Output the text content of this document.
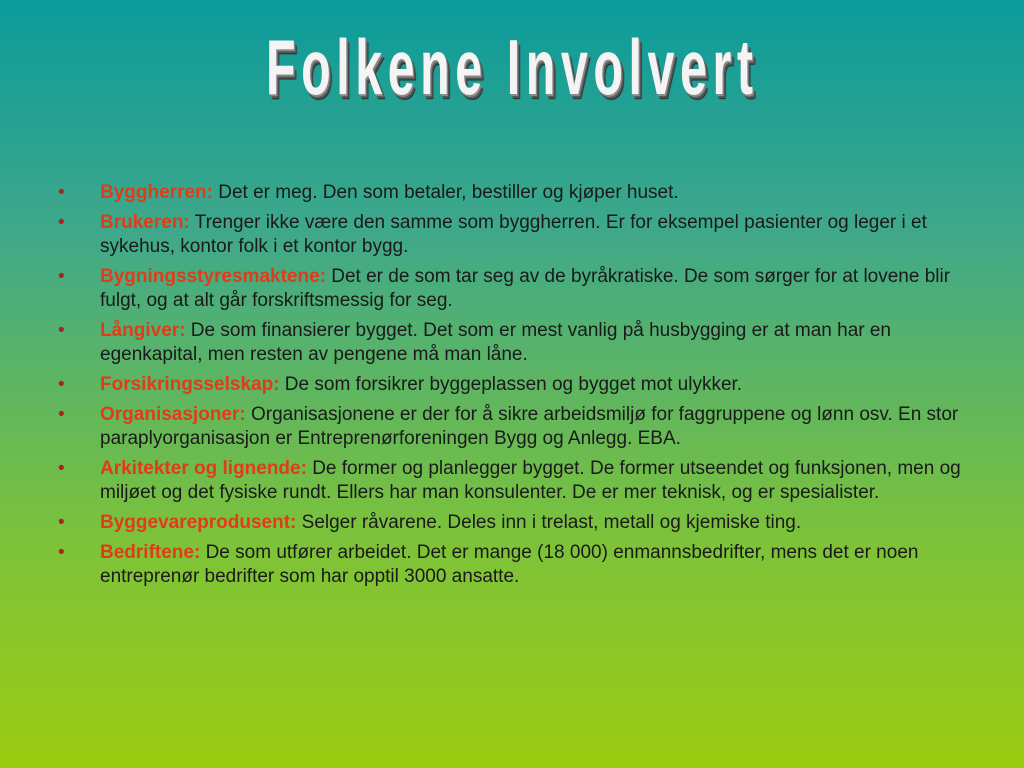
Folkene Involvert
• Byggherren: Det er meg. Den som betaler, bestiller og kjøper huset.
• Brukeren: Trenger ikke være den samme som byggherren. Er for eksempel pasienter og leger i et sykehus, kontor folk i et kontor bygg.
• Bygningsstyresmaktene: Det er de som tar seg av de byråkratiske. De som sørger for at lovene blir fulgt, og at alt går forskriftsmessig for seg.
• Långiver: De som finansierer bygget. Det som er mest vanlig på husbygging er at man har en egenkapital, men resten av pengene må man låne.
• Forsikringsselskap: De som forsikrer byggeplassen og bygget mot ulykker.
• Organisasjoner: Organisasjonene er der for å sikre arbeidsmiljø for faggruppene og lønn osv. En stor paraplyorganisasjon er Entreprenørforeningen Bygg og Anlegg. EBA.
• Arkitekter og lignende: De former og planlegger bygget. De former utseendet og funksjonen, men og miljøet og det fysiske rundt. Ellers har man konsulenter. De er mer teknisk, og er spesialister.
• Byggevareprodusent: Selger råvarene. Deles inn i trelast, metall og kjemiske ting.
• Bedriftene: De som utfører arbeidet. Det er mange (18 000) enmannsbedrifter, mens det er noen entreprenør bedrifter som har opptil 3000 ansatte.
